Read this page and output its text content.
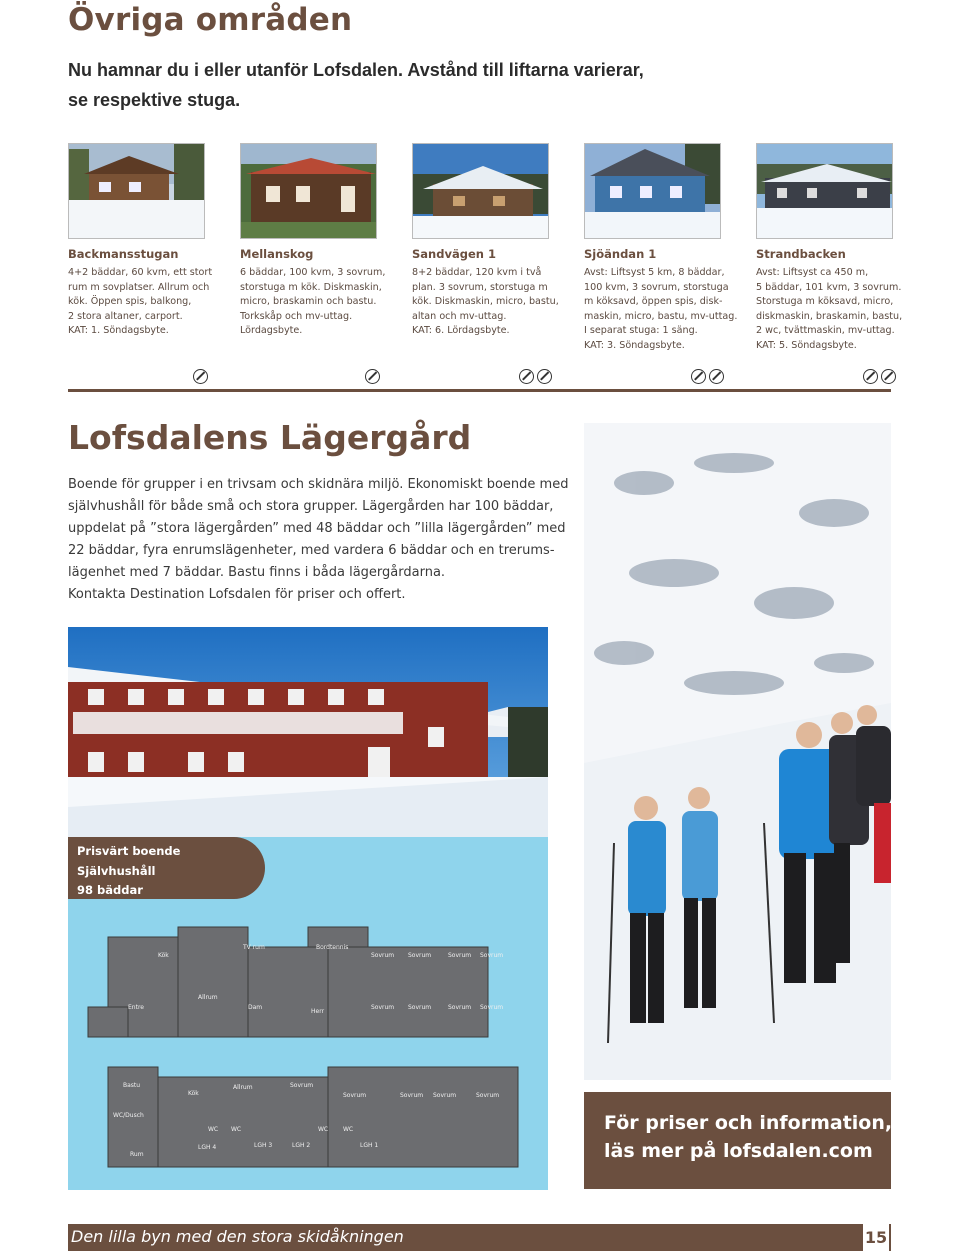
Övriga områden
Nu hamnar du i eller utanför Lofsdalen. Avstånd till liftarna varierar,
se respektive stuga.
Backmansstugan
4+2 bäddar, 60 kvm, ett stort
rum m sovplatser. Allrum och
kök. Öppen spis, balkong,
2 stora altaner, carport.
KAT: 1. Söndagsbyte.
Mellanskog
6 bäddar, 100 kvm, 3 sovrum,
storstuga m kök. Diskmaskin,
micro, braskamin och bastu.
Torkskåp och mv-uttag.
Lördagsbyte.
Sandvägen 1
8+2 bäddar, 120 kvm i två
plan. 3 sovrum, storstuga m
kök. Diskmaskin, micro, bastu,
altan och mv-uttag.
KAT: 6. Lördagsbyte.
Sjöändan 1
Avst: Liftsyst 5 km, 8 bäddar,
100 kvm, 3 sovrum, storstuga
m köksavd, öppen spis, disk-
maskin, micro, bastu, mv-uttag.
I separat stuga: 1 säng.
KAT: 3. Söndagsbyte.
Strandbacken
Avst: Liftsyst ca 450 m,
5 bäddar, 101 kvm, 3 sovrum.
Storstuga m köksavd, micro,
diskmaskin, braskamin, bastu,
2 wc, tvättmaskin, mv-uttag.
KAT: 5. Söndagsbyte.
Lofsdalens Lägergård
Boende för grupper i en trivsam och skidnära miljö. Ekonomiskt boende med
självhushåll för både små och stora grupper. Lägergården har 100 bäddar,
uppdelat på ”stora lägergården” med 48 bäddar och ”lilla lägergården” med
22 bäddar, fyra enrumslägenheter, med vardera 6 bäddar och en trerums-
lägenhet med 7 bäddar. Bastu finns i båda lägergårdarna.
Kontakta Destination Lofsdalen för priser och offert.
TV rum	Bordtennis
Kök	Sovrum Sovrum	Sovrum Sovrum
Allrum
Entre	Dam
Herr
Sovrum Sovrum	Sovrum Sovrum
Bastu
Kök
Allrum	Sovrum
Sovrum	Sovrum Sovrum	Sovrum
WC/Dusch
WC WC	WC WC
LGH 4	LGH 3	LGH 2	LGH 1
Rum
Prisvärt boende
Självhushåll
98 bäddar
För priser och information,
läs mer på lofsdalen.com
Den lilla byn med den stora skidåkningen	15
